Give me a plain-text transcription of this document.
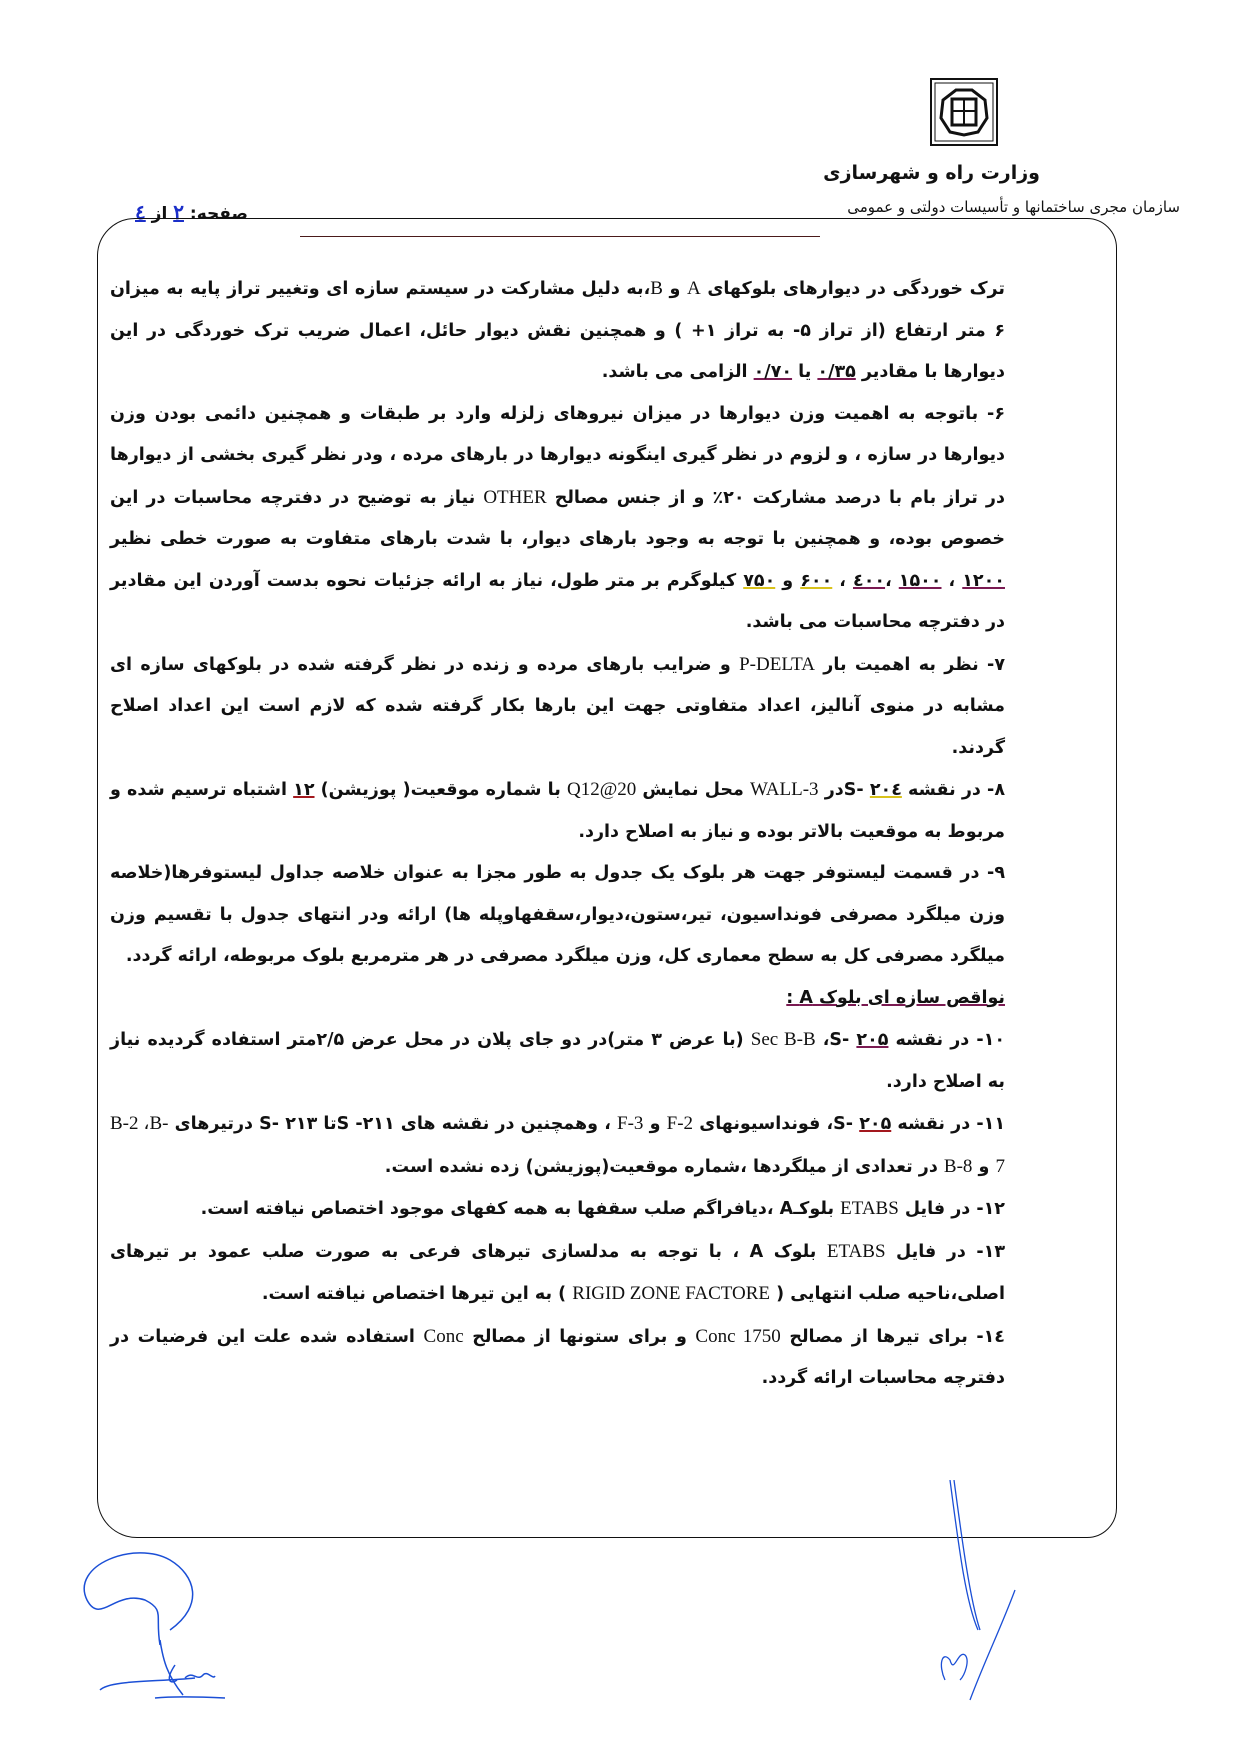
وزارت راه و شهرسازی
سازمان مجری ساختمانها و تأسیسات دولتی و عمومی
صفحه: ۲ از ٤

ترک خوردگی در دیوارهای بلوکهای A و B،به دلیل مشارکت در سیستم سازه ای وتغییر تراز پایه به میزان ۶ متر ارتفاع (از تراز ۵- به تراز ۱+ ) و همچنین نقش دیوار حائل، اعمال ضریب ترک خوردگی در این دیوارها با مقادیر ۰/۳۵ یا ۰/۷۰ الزامی می باشد.

۶- باتوجه به اهمیت وزن دیوارها در میزان نیروهای زلزله وارد بر طبقات و همچنین دائمی بودن وزن دیوارها در سازه ، و لزوم در نظر گیری اینگونه دیوارها در بارهای مرده ، ودر نظر گیری بخشی از دیوارها در تراز بام با درصد مشارکت ۲۰٪ و از جنس مصالح OTHER نیاز به توضیح در دفترچه محاسبات در این خصوص بوده، و همچنین با توجه به وجود بارهای دیوار، با شدت بارهای متفاوت به صورت خطی نظیر ۱۲۰۰ ، ۱۵۰۰ ،٤۰۰ ، ۶۰۰ و ۷۵۰ کیلوگرم بر متر طول، نیاز به ارائه جزئیات نحوه بدست آوردن این مقادیر در دفترچه محاسبات می باشد.

۷- نظر به اهمیت بار P-DELTA و ضرایب بارهای مرده و زنده در نظر گرفته شده در بلوکهای سازه ای مشابه در منوی آنالیز، اعداد متفاوتی جهت این بارها بکار گرفته شده که لازم است این اعداد اصلاح گردند.

۸- در نقشه ۲۰٤ -Sدر WALL-3 محل نمایش Q12@20 با شماره موقعیت( پوزیشن) ۱۲ اشتباه ترسیم شده و مربوط به موقعیت بالاتر بوده و نیاز به اصلاح دارد.

۹- در قسمت لیستوفر جهت هر بلوک یک جدول به طور مجزا به عنوان خلاصه جداول لیستوفرها(خلاصه وزن میلگرد مصرفی فونداسیون، تیر،ستون،دیوار،سقفهاوپله ها) ارائه ودر انتهای جدول با تقسیم وزن میلگرد مصرفی کل به سطح معماری کل، وزن میلگرد مصرفی در هر مترمربع بلوک مربوطه، ارائه گردد.

نواقص سازه ای بلوک A :

۱۰- در نقشه ۲۰۵ -S، Sec B-B (با عرض ۳ متر)در دو جای پلان در محل عرض ۲/۵متر استفاده گردیده نیاز به اصلاح دارد.

۱۱- در نقشه ۲۰۵ -S، فونداسیونهای F-2 و F-3 ، وهمچنین در نقشه های ۲۱۱- Sتا ۲۱۳ -S درتیرهای B-2 ،B-7 و B-8 در تعدادی از میلگردها ،شماره موقعیت(پوزیشن) زده نشده است.

۱۲- در فایل ETABS بلوکـA ،دیافراگم صلب سقفها به همه کفهای موجود اختصاص نیافته است.

۱۳- در فایل ETABS بلوک A ، با توجه به مدلسازی تیرهای فرعی به صورت صلب عمود بر تیرهای اصلی،ناحیه صلب انتهایی ( RIGID ZONE FACTORE ) به این تیرها اختصاص نیافته است.

۱٤- برای تیرها از مصالح Conc 1750 و برای ستونها از مصالح Conc استفاده شده علت این فرضیات در دفترچه محاسبات ارائه گردد.
